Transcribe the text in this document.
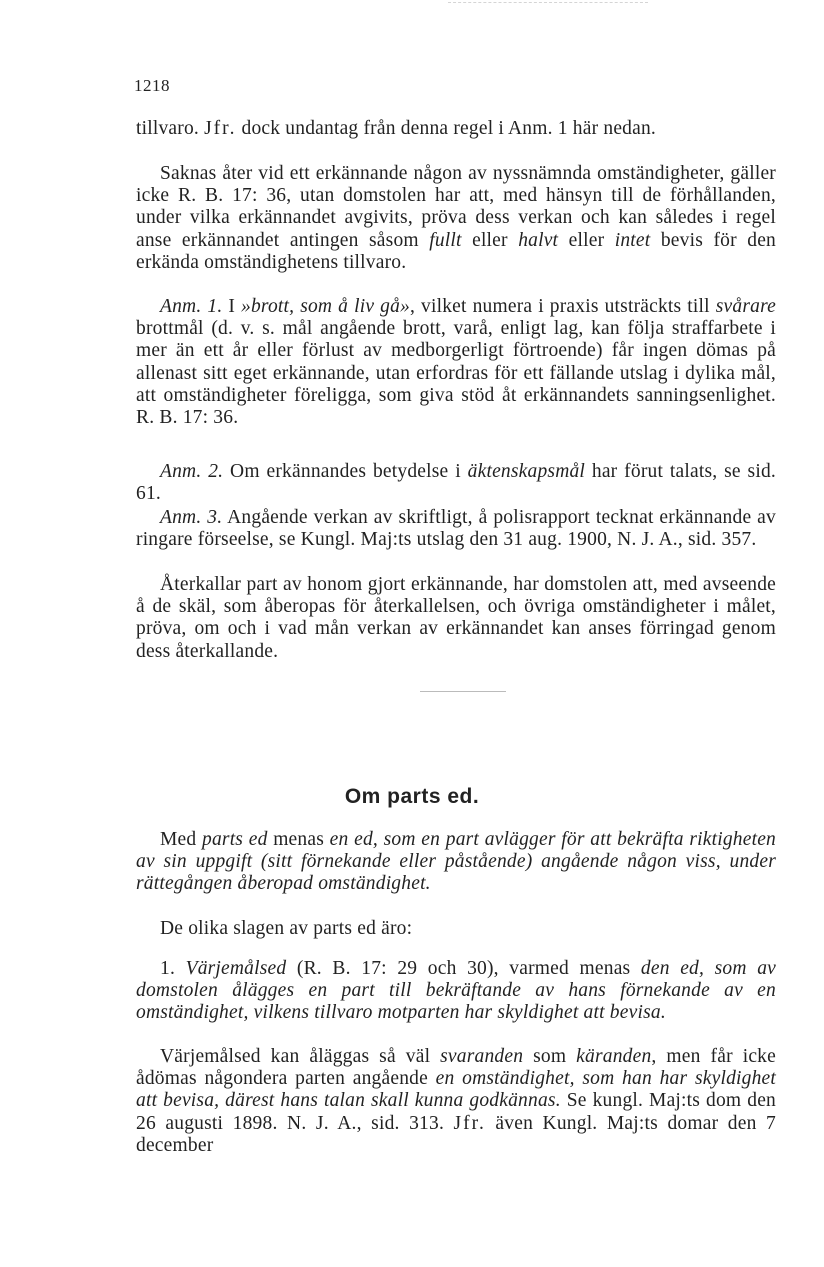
1218

tillvaro. Jfr. dock undantag från denna regel i Anm. 1 här nedan.

Saknas åter vid ett erkännande någon av nyssnämnda omständigheter, gäller icke R. B. 17: 36, utan domstolen har att, med hänsyn till de förhållanden, under vilka erkännandet avgivits, pröva dess verkan och kan således i regel anse erkännandet antingen såsom fullt eller halvt eller intet bevis för den erkända omständighetens tillvaro.

Anm. 1. I »brott, som å liv gå», vilket numera i praxis utsträckts till svårare brottmål (d. v. s. mål angående brott, varå, enligt lag, kan följa straffarbete i mer än ett år eller förlust av medborgerligt förtroende) får ingen dömas på allenast sitt eget erkännande, utan erfordras för ett fällande utslag i dylika mål, att omständigheter föreligga, som giva stöd åt erkännandets sanningsenlighet. R. B. 17: 36.

Anm. 2. Om erkännandes betydelse i äktenskapsmål har förut talats, se sid. 61.

Anm. 3. Angående verkan av skriftligt, å polisrapport tecknat erkännande av ringare förseelse, se Kungl. Maj:ts utslag den 31 aug. 1900, N. J. A., sid. 357.

Återkallar part av honom gjort erkännande, har domstolen att, med avseende å de skäl, som åberopas för återkallelsen, och övriga omständigheter i målet, pröva, om och i vad mån verkan av erkännandet kan anses förringad genom dess återkallande.

Om parts ed.

Med parts ed menas en ed, som en part avlägger för att bekräfta riktigheten av sin uppgift (sitt förnekande eller påstående) angående någon viss, under rättegången åberopad omständighet.

De olika slagen av parts ed äro:

1. Värjemålsed (R. B. 17: 29 och 30), varmed menas den ed, som av domstolen ålägges en part till bekräftande av hans förnekande av en omständighet, vilkens tillvaro motparten har skyldighet att bevisa.

Värjemålsed kan åläggas så väl svaranden som käranden, men får icke ådömas någondera parten angående en omständighet, som han har skyldighet att bevisa, därest hans talan skall kunna godkännas. Se kungl. Maj:ts dom den 26 augusti 1898. N. J. A., sid. 313. Jfr. även Kungl. Maj:ts domar den 7 december
